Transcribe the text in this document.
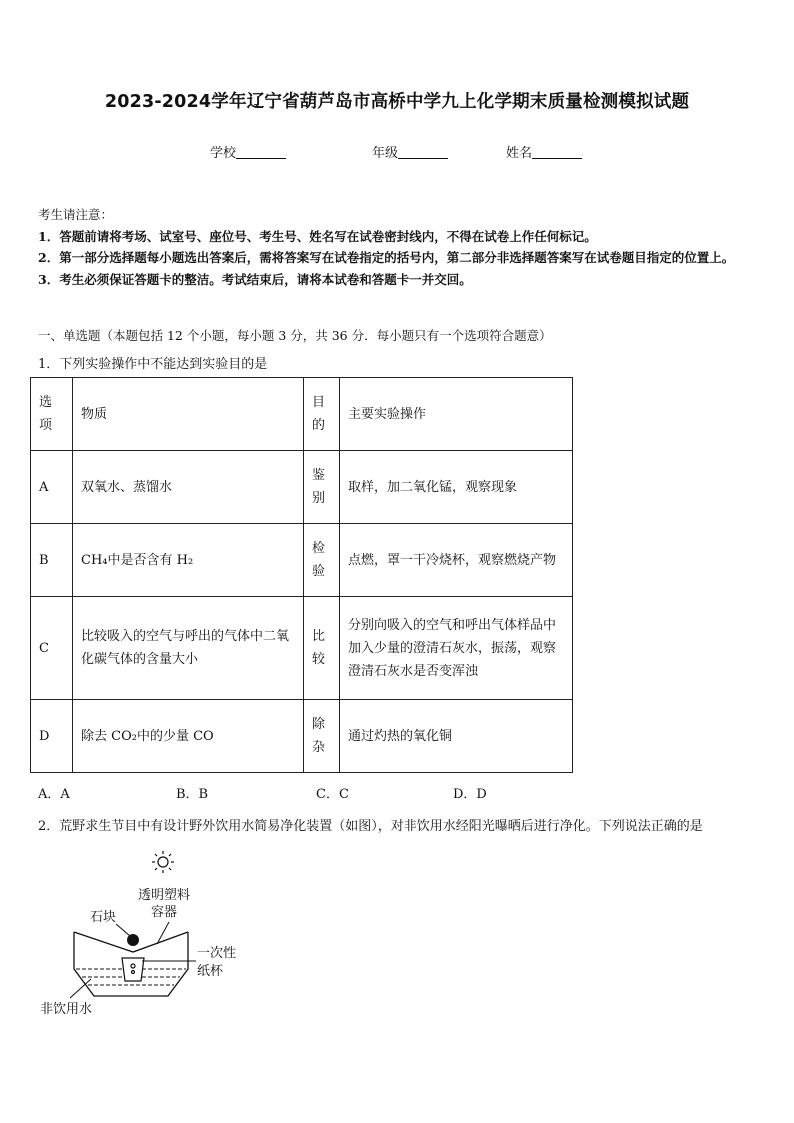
2023-2024学年辽宁省葫芦岛市高桥中学九上化学期末质量检测模拟试题
学校	年级	姓名
考生请注意：
1．答题前请将考场、试室号、座位号、考生号、姓名写在试卷密封线内，不得在试卷上作任何标记。
2．第一部分选择题每小题选出答案后，需将答案写在试卷指定的括号内，第二部分非选择题答案写在试卷题目指定的位置上。
3．考生必须保证答题卡的整洁。考试结束后，请将本试卷和答题卡一并交回。
一、单选题（本题包括 12 个小题，每小题 3 分，共 36 分．每小题只有一个选项符合题意）
1．下列实验操作中不能达到实验目的是
选项	物质	目的	主要实验操作
A	双氧水、蒸馏水	鉴别	取样，加二氧化锰，观察现象
B	CH₄中是否含有 H₂	检验	点燃，罩一干冷烧杯，观察燃烧产物
C	比较吸入的空气与呼出的气体中二氧化碳气体的含量大小	比较	分别向吸入的空气和呼出气体样品中加入少量的澄清石灰水，振荡，观察澄清石灰水是否变浑浊
D	除去 CO₂中的少量 CO	除杂	通过灼热的氧化铜
A．A	B．B	C．C	D．D
2．荒野求生节目中有设计野外饮用水简易净化装置（如图），对非饮用水经阳光曝晒后进行净化。下列说法正确的是
透明塑料容器
石块
一次性纸杯
非饮用水
